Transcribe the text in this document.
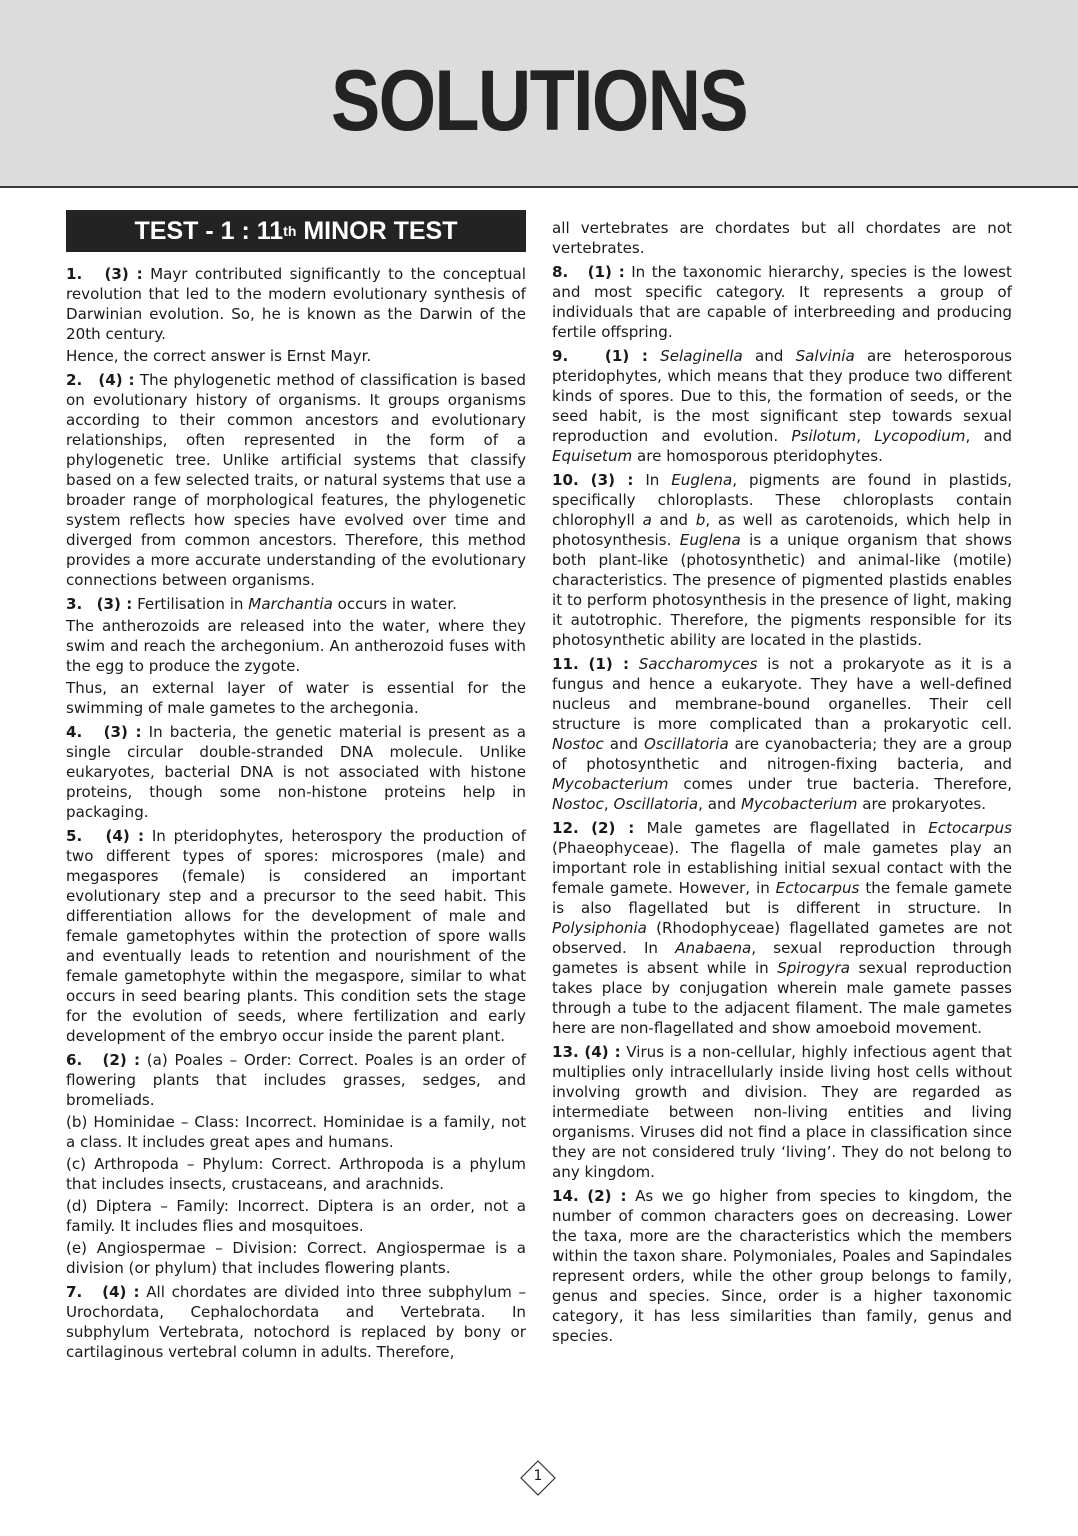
SOLUTIONS
TEST - 1 : 11 th MINOR TEST

1. (3) : Mayr contributed significantly to the conceptual revolution that led to the modern evolutionary synthesis of Darwinian evolution. So, he is known as the Darwin of the 20th century.

Hence, the correct answer is Ernst Mayr.

2. (4) : The phylogenetic method of classification is based on evolutionary history of organisms. It groups organisms according to their common ancestors and evolutionary relationships, often represented in the form of a phylogenetic tree. Unlike artificial systems that classify based on a few selected traits, or natural systems that use a broader range of morphological features, the phylogenetic system reflects how species have evolved over time and diverged from common ancestors. Therefore, this method provides a more accurate understanding of the evolutionary connections between organisms.

3. (3) : Fertilisation in Marchantia occurs in water.

The antherozoids are released into the water, where they swim and reach the archegonium. An antherozoid fuses with the egg to produce the zygote.

Thus, an external layer of water is essential for the swimming of male gametes to the archegonia.

4. (3) : In bacteria, the genetic material is present as a single circular double-stranded DNA molecule. Unlike eukaryotes, bacterial DNA is not associated with histone proteins, though some non-histone proteins help in packaging.

5. (4) : In pteridophytes, heterospory the production of two different types of spores: microspores (male) and megaspores (female) is considered an important evolutionary step and a precursor to the seed habit. This differentiation allows for the development of male and female gametophytes within the protection of spore walls and eventually leads to retention and nourishment of the female gametophyte within the megaspore, similar to what occurs in seed bearing plants. This condition sets the stage for the evolution of seeds, where fertilization and early development of the embryo occur inside the parent plant.

6. (2) : (a) Poales – Order: Correct. Poales is an order of flowering plants that includes grasses, sedges, and bromeliads.

(b) Hominidae – Class: Incorrect. Hominidae is a family, not a class. It includes great apes and humans.

(c) Arthropoda – Phylum: Correct. Arthropoda is a phylum that includes insects, crustaceans, and arachnids.

(d) Diptera – Family: Incorrect. Diptera is an order, not a family. It includes flies and mosquitoes.

(e) Angiospermae – Division: Correct. Angiospermae is a division (or phylum) that includes flowering plants.

7. (4) : All chordates are divided into three subphylum – Urochordata, Cephalochordata and Vertebrata. In subphylum Vertebrata, notochord is replaced by bony or cartilaginous vertebral column in adults. Therefore,

all vertebrates are chordates but all chordates are not vertebrates.

8. (1) : In the taxonomic hierarchy, species is the lowest and most specific category. It represents a group of individuals that are capable of interbreeding and producing fertile offspring.

9. (1) : Selaginella and Salvinia are heterosporous pteridophytes, which means that they produce two different kinds of spores. Due to this, the formation of seeds, or the seed habit, is the most significant step towards sexual reproduction and evolution. Psilotum, Lycopodium, and Equisetum are homosporous pteridophytes.

10. (3) : In Euglena, pigments are found in plastids, specifically chloroplasts. These chloroplasts contain chlorophyll a and b, as well as carotenoids, which help in photosynthesis. Euglena is a unique organism that shows both plant-like (photosynthetic) and animal-like (motile) characteristics. The presence of pigmented plastids enables it to perform photosynthesis in the presence of light, making it autotrophic. Therefore, the pigments responsible for its photosynthetic ability are located in the plastids.

11. (1) : Saccharomyces is not a prokaryote as it is a fungus and hence a eukaryote. They have a well-defined nucleus and membrane-bound organelles. Their cell structure is more complicated than a prokaryotic cell. Nostoc and Oscillatoria are cyanobacteria; they are a group of photosynthetic and nitrogen-fixing bacteria, and Mycobacterium comes under true bacteria. Therefore, Nostoc, Oscillatoria, and Mycobacterium are prokaryotes.

12. (2) : Male gametes are flagellated in Ectocarpus (Phaeophyceae). The flagella of male gametes play an important role in establishing initial sexual contact with the female gamete. However, in Ectocarpus the female gamete is also flagellated but is different in structure. In Polysiphonia (Rhodophyceae) flagellated gametes are not observed. In Anabaena, sexual reproduction through gametes is absent while in Spirogyra sexual reproduction takes place by conjugation wherein male gamete passes through a tube to the adjacent filament. The male gametes here are non-flagellated and show amoeboid movement.

13. (4) : Virus is a non-cellular, highly infectious agent that multiplies only intracellularly inside living host cells without involving growth and division. They are regarded as intermediate between non-living entities and living organisms. Viruses did not find a place in classification since they are not considered truly ‘living’. They do not belong to any kingdom.

14. (2) : As we go higher from species to kingdom, the number of common characters goes on decreasing. Lower the taxa, more are the characteristics which the members within the taxon share. Polymoniales, Poales and Sapindales represent orders, while the other group belongs to family, genus and species. Since, order is a higher taxonomic category, it has less similarities than family, genus and species.

1
